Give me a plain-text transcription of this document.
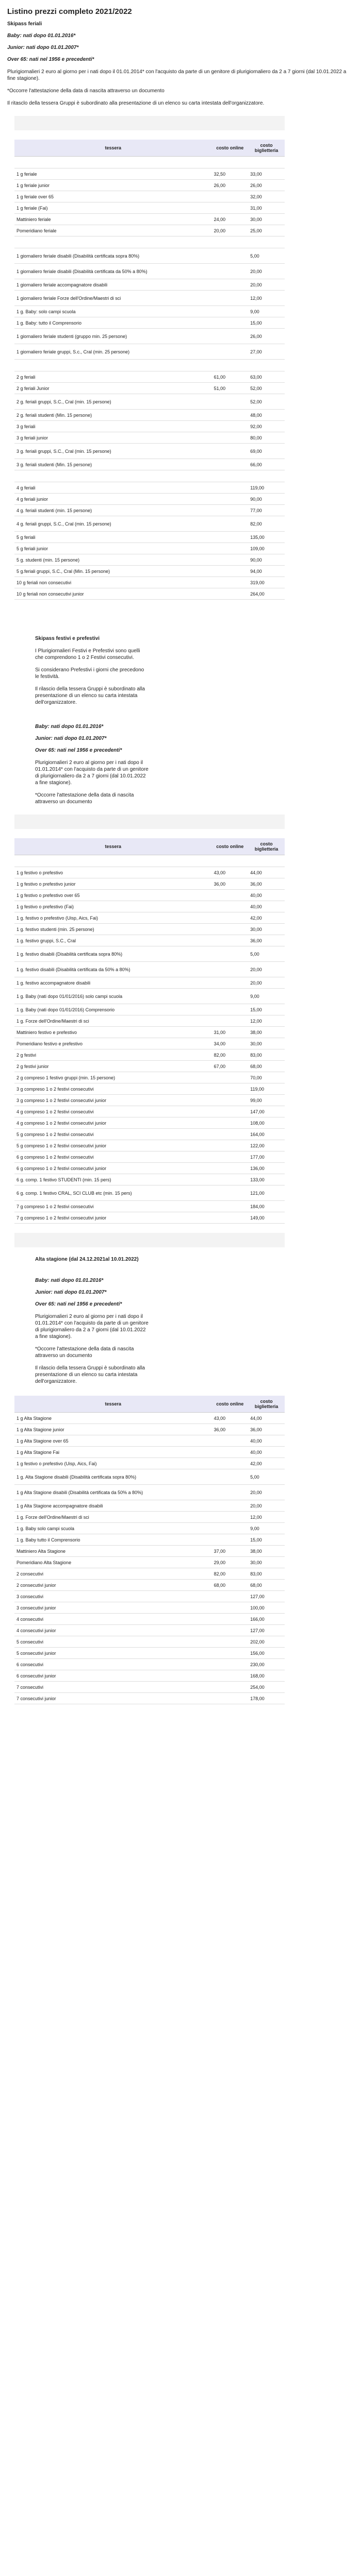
Listino prezzi completo 2021/2022
Skipass feriali
Baby: nati dopo 01.01.2016*
Junior: nati dopo 01.01.2007*
Over 65: nati nel 1956 e precedenti*
Plurigiornalieri 2 euro al giorno per i nati dopo il 01.01.2014* con l'acquisto da parte di un genitore di plurigiornaliero da 2 a 7 giorni (dal 10.01.2022 a fine stagione).
*Occorre l'attestazione della data di nascita attraverso un documento
Il ritasclo della tessera Gruppi è subordinato alla presentazione di un elenco su carta intestata dell'organizzatore.
tessera	costo online	costo biglietteria

1 g feriale	32,50	33,00
1 g feriale junior	26,00	26,00
1 g feriale over 65		32,00
1 g feriale (Fai)		31,00
Mattiniero feriale	24,00	30,00
Pomeridiano feriale	20,00	25,00

1 giornaliero feriale disabili (Disabilità certificata sopra 80%)		5,00
1 giornaliero feriale disabili (Disabilità certificata da 50% a 80%)		20,00
1 giornaliero feriale accompagnatore disabili		20,00
1 giornaliero feriale Forze dell'Ordine/Maestri di sci		12,00
1 g. Baby: solo campi scuola		9,00
1 g. Baby: tutto il Comprensorio		15,00
1 giornaliero feriale studenti (gruppo min. 25 persone)		26,00
1 giornaliero feriale gruppi, S.c., Cral (min. 25 persone)		27,00

2 g feriali	61,00	63,00
2 g feriali Junior	51,00	52,00
2 g. feriali gruppi, S.C., Cral (min. 15 persone)		52,00
2 g. feriali studenti (Min. 15 persone)		48,00
3 g feriali		92,00
3 g feriali junior		80,00
3 g. feriali gruppi, S.C., Cral (min. 15 persone)		69,00
3 g. feriali studenti (Min. 15 persone)		66,00

4 g feriali		119,00
4 g feriali junior		90,00
4 g. feriali studenti (min. 15 persone)		77,00
4 g. feriali gruppi, S.C., Cral (min. 15 persone)		82,00
5 g feriali		135,00
5 g feriali junior		109,00
5 g. studenti (min. 15 persone)		90,00
5 g.feriali gruppi, S.C., Cral (Min. 15 persone)		94,00
10 g feriali non consecutivi		319,00
10 g feriali non consecutivi junior		264,00
Skipass festivi e prefestivi
I Plurigiornalieri Festivi e Prefestivi sono quelli che comprendono 1 o 2 Festivi consecutivi.
Si considerano Prefestivi i giorni che precedono le festività.
Il rilascio della tessera Gruppi è subordinato alla presentazione di un elenco su carta intestata dell'organizzatore.
Baby: nati dopo 01.01.2016*
Junior: nati dopo 01.01.2007*
Over 65: nati nel 1956 e precedenti*
Plurigiornalieri 2 euro al giorno per i nati dopo il 01.01.2014* con l'acquisto da parte di un genitore di plurigiornaliero da 2 a 7 giorni (dal 10.01.2022 a fine stagione).
*Occorre l'attestazione della data di nascita attraverso un documento
tessera	costo online	costo biglietteria

1 g festivo o prefestivo	43,00	44,00
1 g festivo o prefestivo junior	36,00	36,00
1 g festivo o prefestivo over 65		40,00
1 g festivo o prefestivo (Fai)		40,00
1 g. festivo o prefestivo (Uisp, Aics, Fai)		42,00
1 g. festivo studenti (min. 25 persone)		30,00
1 g. festivo gruppi, S.C., Cral		36,00
1 g. festivo disabili (Disabilità certificata sopra 80%)		5,00
1 g. festivo disabili (Disabilità certificata da 50% a 80%)		20,00
1 g. festivo accompagnatore disabili		20,00
1 g. Baby (nati dopo 01/01/2016) solo campi scuola		9,00
1 g. Baby (nati dopo 01/01/2016) Comprensorio		15,00
1 g. Forze dell'Ordine/Maestri di sci		12,00
Mattiniero festivo e prefestivo	31,00	38,00
Pomeridiano festivo e prefestivo	34,00	30,00
2 g festivi	82,00	83,00
2 g festivi junior	67,00	68,00
2 g compreso 1 festivo gruppi (min. 15 persone)		70,00
3 g compreso 1 o 2 festivi consecutivi		119,00
3 g compreso 1 o 2 festivi consecutivi junior		99,00
4 g compreso 1 o 2 festivi consecutivi		147,00
4 g compreso 1 o 2 festivi consecutivi junior		108,00
5 g compreso 1 o 2 festivi consecutivi		164,00
5 g compreso 1 o 2 festivi consecutivi junior		122,00
6 g compreso 1 o 2 festivi consecutivi		177,00
6 g compreso 1 o 2 festivi consecutivi junior		136,00
6 g. comp. 1 festivo STUDENTI (min. 15 pers)		133,00
6 g. comp. 1 festivo CRAL, SCI CLUB etc (min. 15 pers)		121,00
7 g compreso 1 o 2 festivi consecutivi		184,00
7 g compreso 1 o 2 festivi consecutivi junior		149,00
Alta stagione (dal 24.12.2021al 10.01.2022)
Baby: nati dopo 01.01.2016*
Junior: nati dopo 01.01.2007*
Over 65: nati nel 1956 e precedenti*
Plurigiornalieri 2 euro al giorno per i nati dopo il 01.01.2014* con l'acquisto da parte di un genitore di plurigiornaliero da 2 a 7 giorni (dal 10.01.2022 a fine stagione).
*Occorre l'attestazione della data di nascita attraverso un documento
Il rilascio della tessera Gruppi è subordinato alla presentazione di un elenco su carta intestata dell'organizzatore.
tessera	costo online	costo biglietteria
1 g Alta Stagione	43,00	44,00
1 g Alta Stagione junior	36,00	36,00
1 g Alta Stagione over 65		40,00
1 g Alta Stagione Fai		40,00
1 g festivo o prefestivo (Uisp, Aics, Fai)		42,00
1 g. Alta Stagione disabili (Disabilità certificata sopra 80%)		5,00
1 g Alta Stagione disabili (Disabilità certificata da 50% a 80%)		20,00
1 g Alta Stagione accompagnatore disabili		20,00
1 g. Forze dell'Ordine/Maestri di sci		12,00
1 g. Baby solo campi scuola		9,00
1 g. Baby tutto il Comprensorio		15,00
Mattiniero Alta Stagione	37,00	38,00
Pomeridiano Alta Stagione	29,00	30,00
2 consecutivi	82,00	83,00
2 consecutivi junior	68,00	68,00
3 consecutivi		127,00
3 consecutivi junior		100,00
4 consecutivi		166,00
4 consecutivi junior		127,00
5 consecutivi		202,00
5 consecutivi junior		156,00
6 consecutivi		230,00
6 consecutivi junior		168,00
7 consecutivi		254,00
7 consecutivi junior		178,00
